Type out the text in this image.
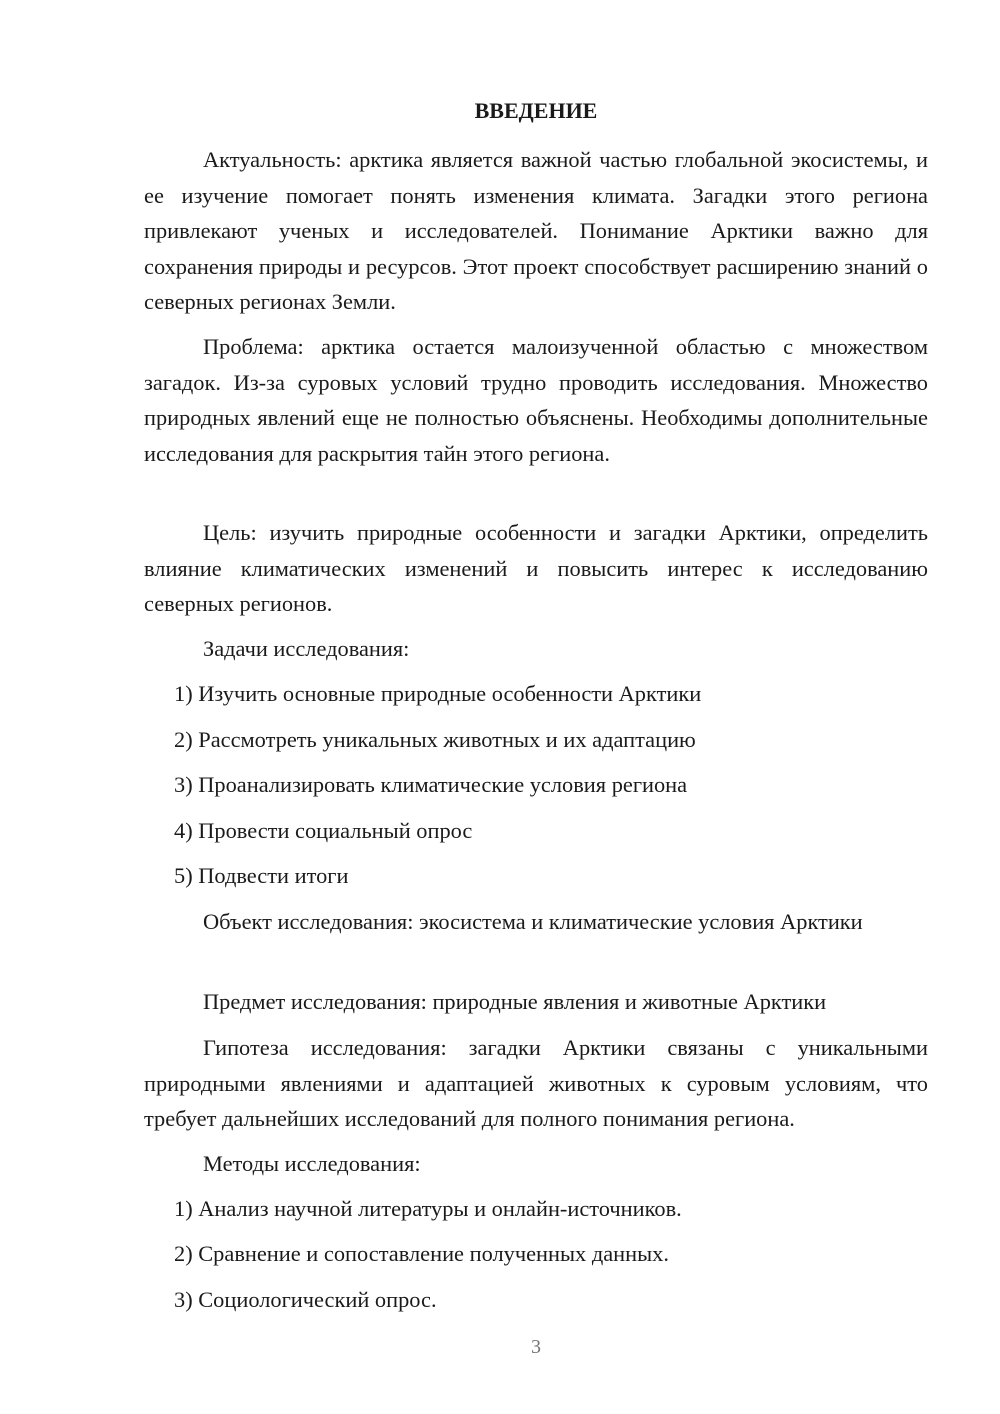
ВВЕДЕНИЕ

Актуальность: арктика является важной частью глобальной экосистемы, и ее изучение помогает понять изменения климата. Загадки этого региона привлекают ученых и исследователей. Понимание Арктики важно для сохранения природы и ресурсов. Этот проект способствует расширению знаний о северных регионах Земли.

Проблема: арктика остается малоизученной областью с множеством загадок. Из-за суровых условий трудно проводить исследования. Множество природных явлений еще не полностью объяснены. Необходимы дополнительные исследования для раскрытия тайн этого региона.

Цель: изучить природные особенности и загадки Арктики, определить влияние климатических изменений и повысить интерес к исследованию северных регионов.

Задачи исследования:

1) Изучить основные природные особенности Арктики

2) Рассмотреть уникальных животных и их адаптацию

3) Проанализировать климатические условия региона

4) Провести социальный опрос

5) Подвести итоги

Объект исследования: экосистема и климатические условия Арктики

Предмет исследования: природные явления и животные Арктики

Гипотеза исследования: загадки Арктики связаны с уникальными природными явлениями и адаптацией животных к суровым условиям, что требует дальнейших исследований для полного понимания региона.

Методы исследования:

1) Анализ научной литературы и онлайн-источников.

2) Сравнение и сопоставление полученных данных.

3) Социологический опрос.

3
